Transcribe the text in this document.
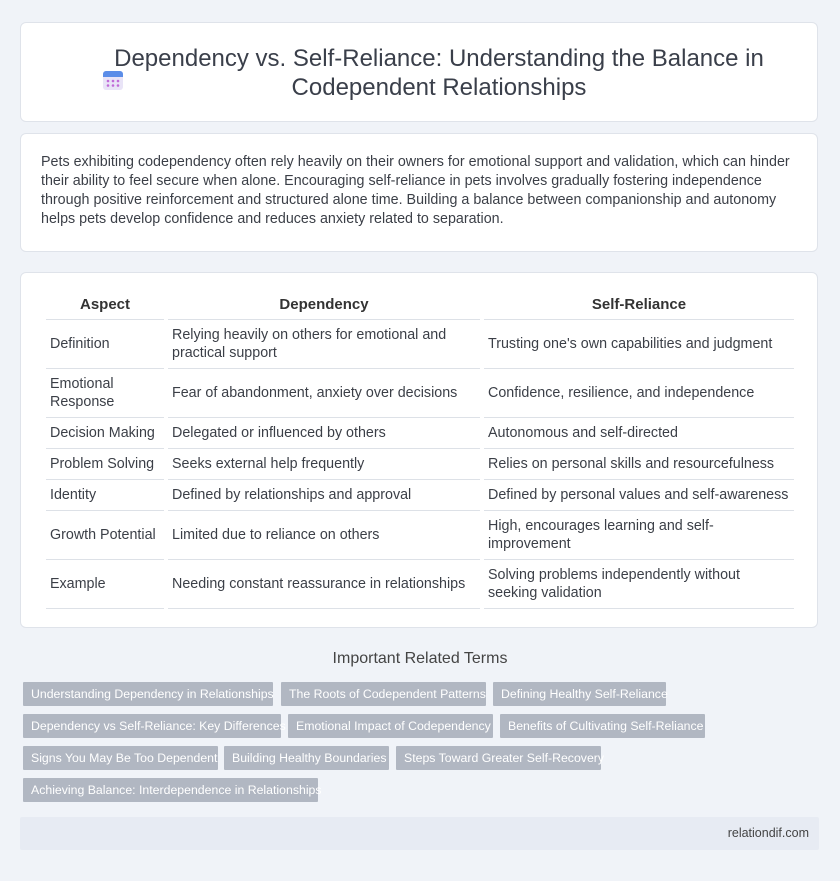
Dependency vs. Self-Reliance: Understanding the Balance in Codependent Relationships

Pets exhibiting codependency often rely heavily on their owners for emotional support and validation, which can hinder their ability to feel secure when alone. Encouraging self-reliance in pets involves gradually fostering independence through positive reinforcement and structured alone time. Building a balance between companionship and autonomy helps pets develop confidence and reduces anxiety related to separation.

Aspect	Dependency	Self-Reliance
Definition	Relying heavily on others for emotional and practical support	Trusting one's own capabilities and judgment
Emotional Response	Fear of abandonment, anxiety over decisions	Confidence, resilience, and independence
Decision Making	Delegated or influenced by others	Autonomous and self-directed
Problem Solving	Seeks external help frequently	Relies on personal skills and resourcefulness
Identity	Defined by relationships and approval	Defined by personal values and self-awareness
Growth Potential	Limited due to reliance on others	High, encourages learning and self-improvement
Example	Needing constant reassurance in relationships	Solving problems independently without seeking validation
Important Related Terms
Understanding Dependency in Relationships	The Roots of Codependent Patterns	Defining Healthy Self-Reliance
Dependency vs Self-Reliance: Key Differences Emotional Impact of Codependency	Benefits of Cultivating Self-Reliance
Signs You May Be Too Dependent	Building Healthy Boundaries	Steps Toward Greater Self-Recovery
Achieving Balance: Interdependence in Relationships
relationdif.com
